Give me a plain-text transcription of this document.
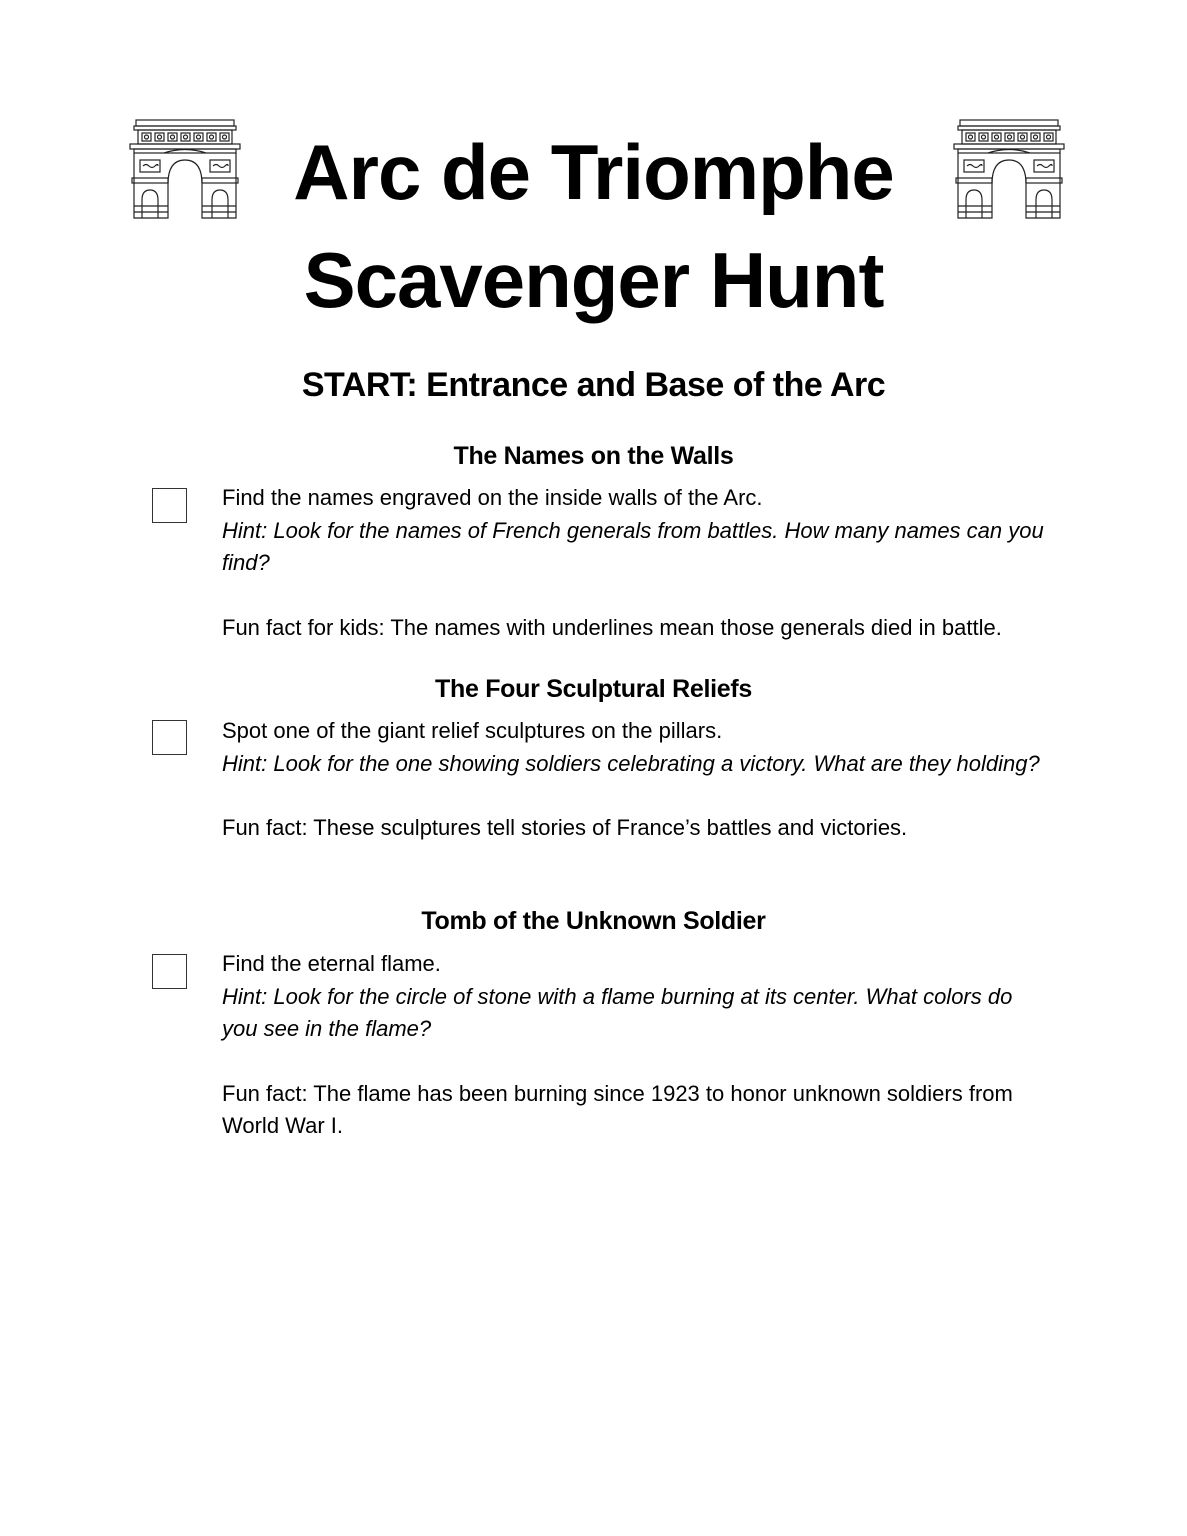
Arc de Triomphe
Scavenger Hunt
START: Entrance and Base of the Arc
The Names on the Walls

Find the names engraved on the inside walls of the Arc.

Hint: Look for the names of French generals from battles. How many names can you find?

Fun fact for kids: The names with underlines mean those generals died in battle.

The Four Sculptural Reliefs

Spot one of the giant relief sculptures on the pillars.

Hint: Look for the one showing soldiers celebrating a victory. What are they holding?

Fun fact: These sculptures tell stories of France’s battles and victories.

Tomb of the Unknown Soldier

Find the eternal flame.

Hint: Look for the circle of stone with a flame burning at its center. What colors do you see in the flame?

Fun fact: The flame has been burning since 1923 to honor unknown soldiers from World War I.
